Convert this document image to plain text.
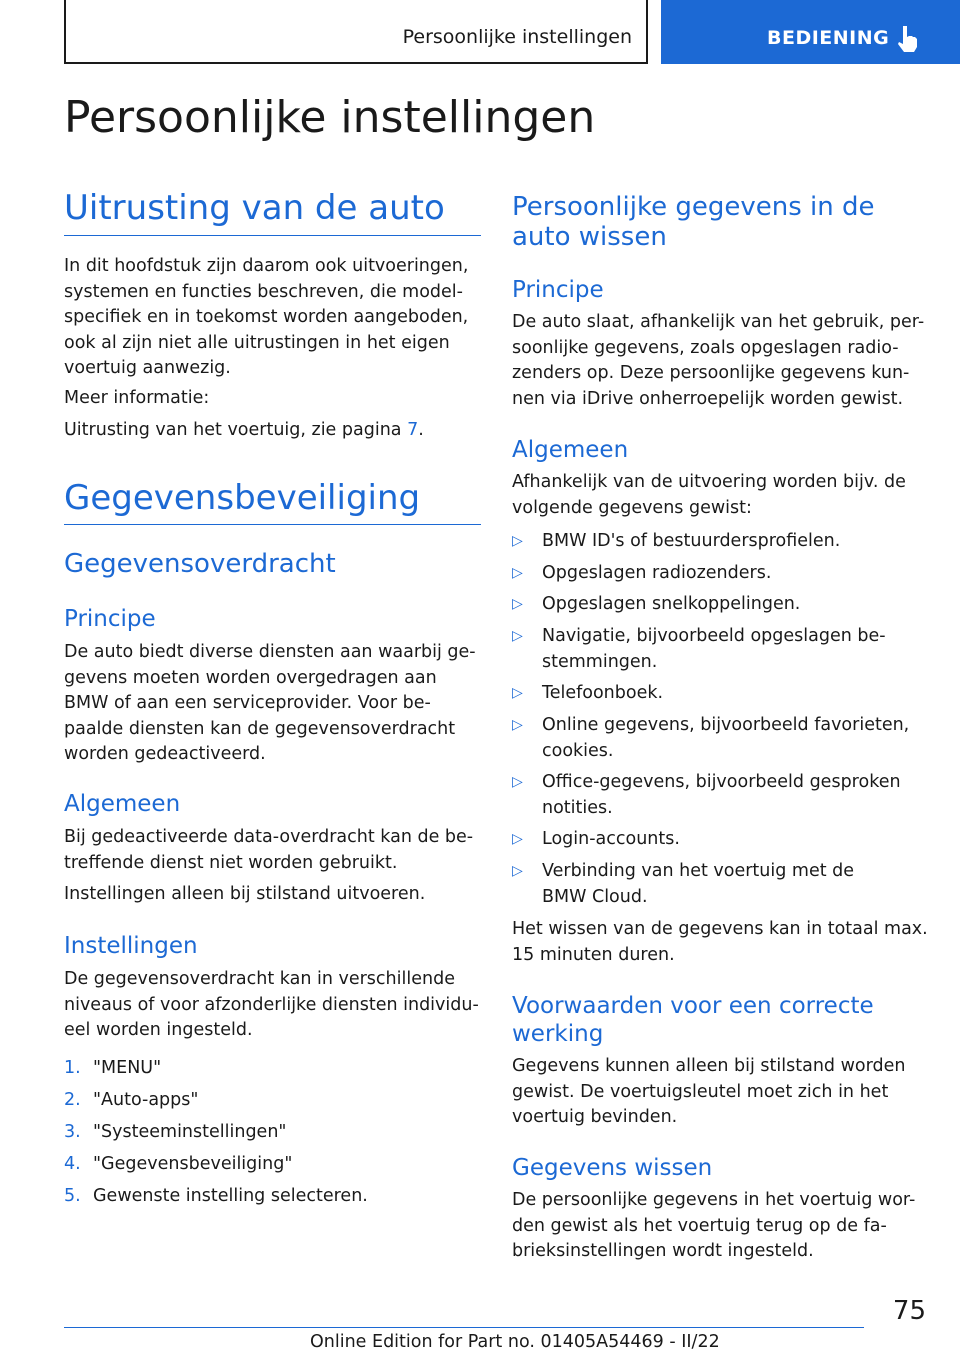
Persoonlijke instellingen	BEDIENING
Persoonlijke instellingen
Uitrusting van de auto
In dit hoofdstuk zijn daarom ook uitvoeringen, systemen en functies beschreven, die model-specifiek en in toekomst worden aangeboden, ook al zijn niet alle uitrustingen in het eigen voertuig aanwezig.
Meer informatie:
Uitrusting van het voertuig, zie pagina 7.
Gegevensbeveiliging
Gegevensoverdracht
Principe
De auto biedt diverse diensten aan waarbij ge-gevens moeten worden overgedragen aan BMW of aan een serviceprovider. Voor be-paalde diensten kan de gegevensoverdracht worden gedeactiveerd.
Algemeen
Bij gedeactiveerde data-overdracht kan de be-treffende dienst niet worden gebruikt.
Instellingen alleen bij stilstand uitvoeren.
Instellingen
De gegevensoverdracht kan in verschillende niveaus of voor afzonderlijke diensten individu-eel worden ingesteld.
1. "MENU"
2. "Auto-apps"
3. "Systeeminstellingen"
4. "Gegevensbeveiliging"
5. Gewenste instelling selecteren.
Persoonlijke gegevens in de auto wissen
Principe
De auto slaat, afhankelijk van het gebruik, per-soonlijke gegevens, zoals opgeslagen radio-zenders op. Deze persoonlijke gegevens kun-nen via iDrive onherroepelijk worden gewist.
Algemeen
Afhankelijk van de uitvoering worden bijv. de volgende gegevens gewist:
▷ BMW ID's of bestuurdersprofielen.
▷ Opgeslagen radiozenders.
▷ Opgeslagen snelkoppelingen.
▷ Navigatie, bijvoorbeeld opgeslagen be-stemmingen.
▷ Telefoonboek.
▷ Online gegevens, bijvoorbeeld favorieten, cookies.
▷ Office-gegevens, bijvoorbeeld gesproken notities.
▷ Login-accounts.
▷ Verbinding van het voertuig met de BMW Cloud.
Het wissen van de gegevens kan in totaal max. 15 minuten duren.
Voorwaarden voor een correcte werking
Gegevens kunnen alleen bij stilstand worden gewist. De voertuigsleutel moet zich in het voertuig bevinden.
Gegevens wissen
De persoonlijke gegevens in het voertuig wor-den gewist als het voertuig terug op de fa-brieksinstellingen wordt ingesteld.
75
Online Edition for Part no. 01405A54469 - II/22
